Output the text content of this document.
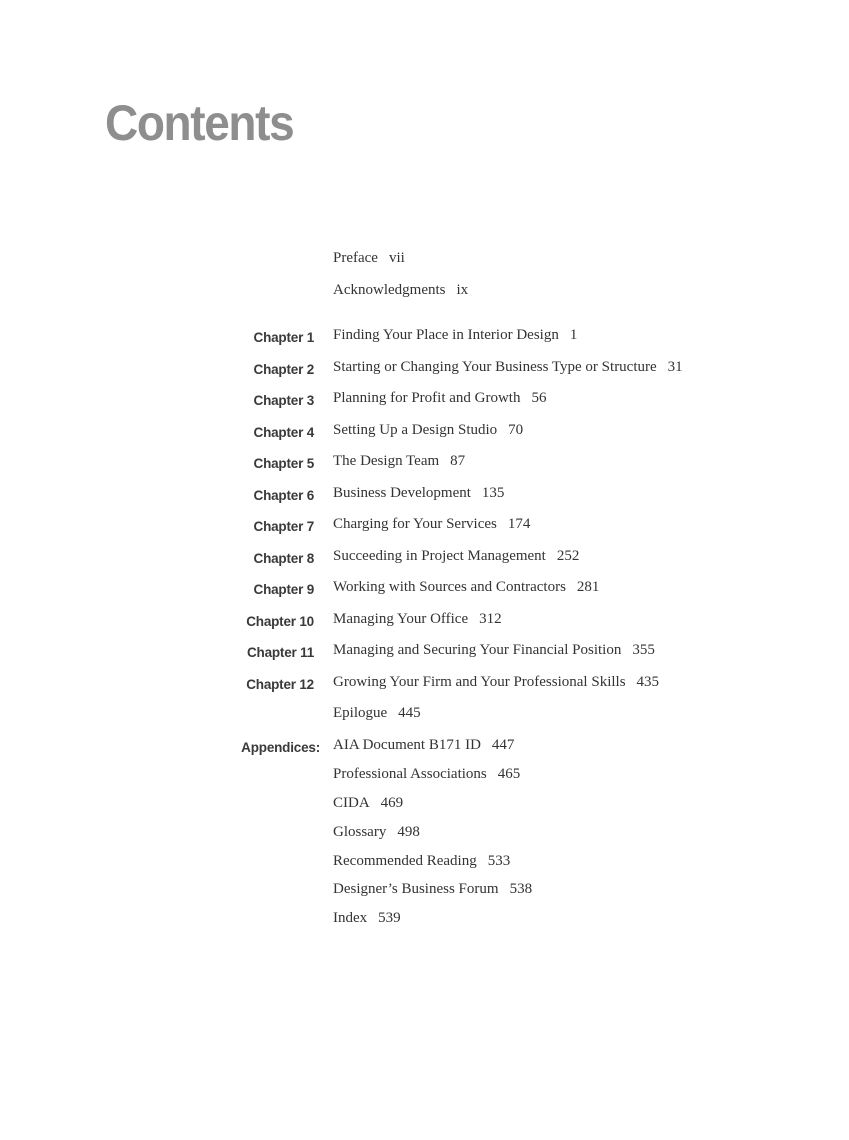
Contents
Preface vii
Acknowledgments ix
Chapter 1 Finding Your Place in Interior Design 1
Chapter 2 Starting or Changing Your Business Type or Structure 31
Chapter 3 Planning for Profit and Growth 56
Chapter 4 Setting Up a Design Studio 70
Chapter 5 The Design Team 87
Chapter 6 Business Development 135
Chapter 7 Charging for Your Services 174
Chapter 8 Succeeding in Project Management 252
Chapter 9 Working with Sources and Contractors 281
Chapter 10 Managing Your Office 312
Chapter 11 Managing and Securing Your Financial Position 355
Chapter 12 Growing Your Firm and Your Professional Skills 435
Epilogue 445
Appendices: AIA Document B171 ID 447
Professional Associations 465
CIDA 469
Glossary 498
Recommended Reading 533
Designer’s Business Forum 538
Index 539
